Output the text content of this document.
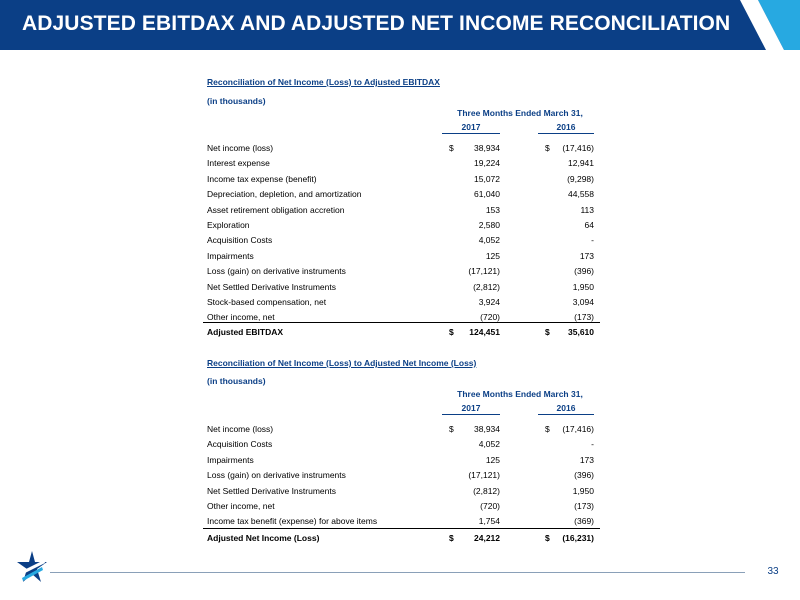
ADJUSTED EBITDAX AND ADJUSTED NET INCOME RECONCILIATION
Reconciliation of Net Income (Loss) to Adjusted EBITDAX
(in thousands)
Three Months Ended March 31,
2017	2016
Net income (loss)	$	38,934	$	(17,416)
Interest expense	19,224	12,941
Income tax expense (benefit)	15,072	(9,298)
Depreciation, depletion, and amortization	61,040	44,558
Asset retirement obligation accretion	153	113
Exploration	2,580	64
Acquisition Costs	4,052	-
Impairments	125	173
Loss (gain) on derivative instruments	(17,121)	(396)
Net Settled Derivative Instruments	(2,812)	1,950
Stock-based compensation, net	3,924	3,094
Other income, net	(720)	(173)
Adjusted EBITDAX	$	124,451	$	35,610
Reconciliation of Net Income (Loss) to Adjusted Net Income (Loss)
(in thousands)
Three Months Ended March 31,
2017	2016
Net income (loss)	$	38,934	$	(17,416)
Acquisition Costs	4,052	-
Impairments	125	173
Loss (gain) on derivative instruments	(17,121)	(396)
Net Settled Derivative Instruments	(2,812)	1,950
Other income, net	(720)	(173)
Income tax benefit (expense) for above items	1,754	(369)
Adjusted Net Income (Loss)	$	24,212	$	(16,231)
33
